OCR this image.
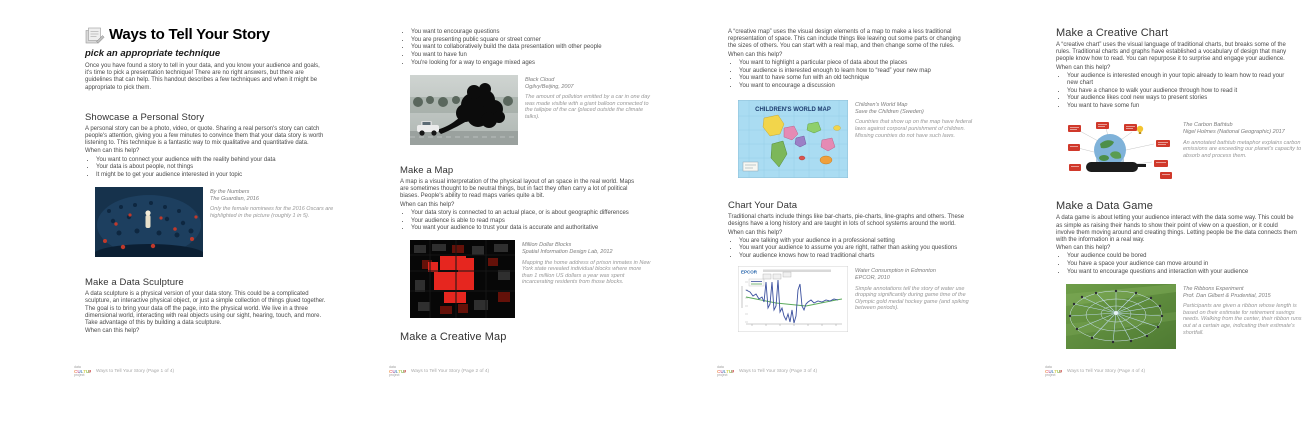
Ways to Tell Your Story
pick an appropriate technique

Once you have found a story to tell in your data, and you know your audience and goals, it's time to pick a presentation technique! There are no right answers, but there are guidelines that can help. This handout describes a few techniques and when it might be appropriate to pick them.

Showcase a Personal Story

A personal story can be a photo, video, or quote. Sharing a real person's story can catch people's attention, giving you a few minutes to convince them that your data story is worth listening to. This technique is a fantastic way to mix qualitative and quantitative data.

When can this help?

• You want to connect your audience with the reality behind your data
• Your data is about people, not things
• It might be to get your audience interested in your topic
By the Numbers
The Guardian, 2016
Only the female nominees for the 2016 Oscars are highlighted in the picture (roughly 1 in 5).
Make a Data Sculpture

A data sculpture is a physical version of your data story. This could be a complicated sculpture, an interactive physical object, or just a simple collection of things glued together. The goal is to bring your data off the page, into the physical world. We live in a three dimensional world, interacting with real objects using our sight, hearing, touch, and more. Take advantage of this by building a data sculpture.

When can this help?

data
CULTURE
project
Ways to Tell Your Story (Page 1 of 4)
• You want to encourage questions
• You are presenting public square or street corner
• You want to collaboratively build the data presentation with other people
• You want to have fun
• You're looking for a way to engage mixed ages
Black Cloud
Ogilvy/Beijing, 2007
The amount of pollution emitted by a car in one day was made visible with a giant balloon connected to the tailpipe of the car (placed outside the climate talks).
Make a Map

A map is a visual interpretation of the physical layout of an space in the real world. Maps are sometimes thought to be neutral things, but in fact they often carry a lot of political biases. People's ability to read maps varies quite a bit.

When can this help?

• Your data story is connected to an actual place, or is about geographic differences
• Your audience is able to read maps
• You want your audience to trust your data is accurate and authoritative
Million Dollar Blocks
Spatial Information Design Lab, 2012
Mapping the home address of prison inmates in New York state revealed individual blocks where more than 1 million US dollars a year was spent incarcerating residents from those blocks.
Make a Creative Map
data
CULTURE
project
Ways to Tell Your Story (Page 2 of 4)

A “creative map” uses the visual design elements of a map to make a less traditional representation of space. This can include things like leaving out some parts or changing the sizes of others. You can start with a real map, and then change some of the rules.

When can this help?

• You want to highlight a particular piece of data about the places
• Your audience is interested enough to learn how to “read” your new map
• You want to have some fun with an old technique
• You want to encourage a discussion
CHILDREN'S WORLD MAP
Children's World Map
Save the Children (Sweden)
Countries that show up on the map have federal laws against corporal punishment of children. Missing countries do not have such laws.
Chart Your Data

Traditional charts include things like bar-charts, pie-charts, line-graphs and others. These designs have a long history and are taught in lots of school systems around the world.

When can this help?

• You are talking with your audience in a professional setting
• You want your audience to assume you are right, rather than asking you questions
• Your audience knows how to read traditional charts
EPCOR	Water Consumption in Edmonton
EPCOR, 2010
Simple annotations tell the story of water use dropping significantly during game time of the Olympic gold medal hockey game (and spiking between periods).
data
CULTURE
project
Ways to Tell Your Story (Page 3 of 4)
Make a Creative Chart

A “creative chart” uses the visual language of traditional charts, but breaks some of the rules. Traditional charts and graphs have established a vocabulary of design that many people know how to read. You can repurpose it to surprise and engage your audience.

When can this help?

• Your audience is interested enough in your topic already to learn how to read your new chart
• You have a chance to walk your audience through how to read it
• Your audience likes cool new ways to present stories
• You want to have some fun
The Carbon Bathtub
Nigel Holmes (National Geographic) 2017
An annotated bathtub metaphor explains carbon emissions are exceeding our planet's capacity to absorb and process them.
Make a Data Game

A data game is about letting your audience interact with the data some way. This could be as simple as raising their hands to show their point of view on a question, or it could involve them moving around and creating things. Letting people be the data connects them with the information in a real way.

When can this help?

• Your audience could be bored
• You have a space your audience can move around in
• You want to encourage questions and interaction with your audience
The Ribbons Experiment
Prof. Dan Gilbert & Prudential, 2015
Participants are given a ribbon whose length is based on their estimate for retirement savings needs. Walking from the center, their ribbon runs out at a certain age, indicating their estimate's shortfall.
data
CULTURE
project
Ways to Tell Your Story (Page 4 of 4)
